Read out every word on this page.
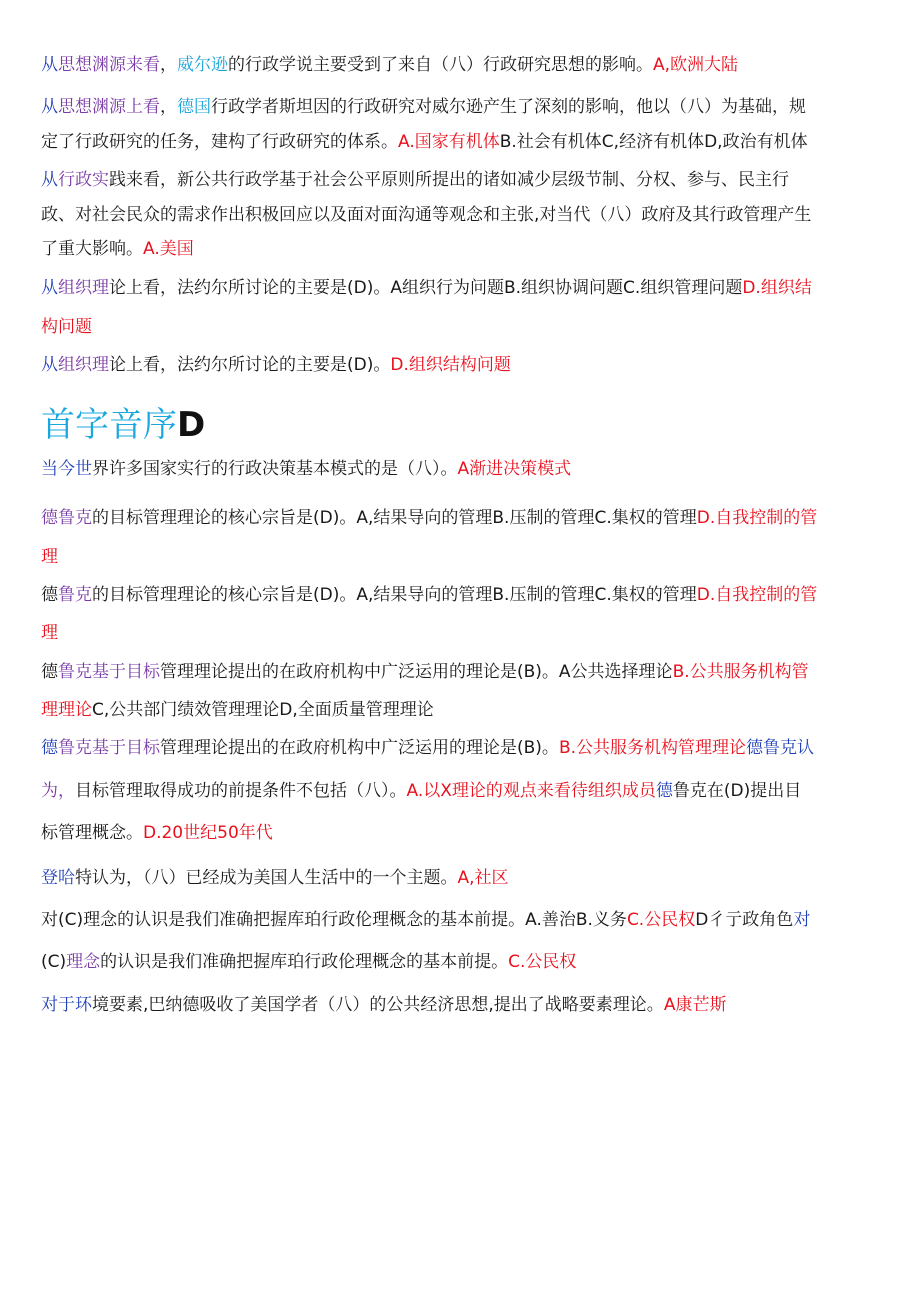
首字音序D
从思想渊源来看，威尔逊的行政学说主要受到了来自（八）行政研究思想的影响。A,欧洲大陆
从思想渊源上看，德国行政学者斯坦因的行政研究对威尔逊产生了深刻的影响，他以（八）为基础，规
定了行政研究的任务，建构了行政研究的体系。A.国家有机体B.社会有机体C,经济有机体D,政治有机体
从行政实践来看，新公共行政学基于社会公平原则所提出的诸如减少层级节制、分权、参与、民主行
政、对社会民众的需求作出积极回应以及面对面沟通等观念和主张,对当代（八）政府及其行政管理产生
了重大影响。A.美国
从组织理论上看，法约尔所讨论的主要是(D)。A组织行为问题B.组织协调问题C.组织管理问题D.组织结
构问题
从组织理论上看，法约尔所讨论的主要是(D)。D.组织结构问题
当今世界许多国家实行的行政决策基本模式的是（八）。A渐进决策模式
德鲁克的目标管理理论的核心宗旨是(D)。A,结果导向的管理B.压制的管理C.集权的管理D.自我控制的管
理
德鲁克的目标管理理论的核心宗旨是(D)。A,结果导向的管理B.压制的管理C.集权的管理D.自我控制的管
理
德鲁克基于目标管理理论提出的在政府机构中广泛运用的理论是(B)。A公共选择理论B.公共服务机构管
理理论C,公共部门绩效管理理论D,全面质量管理理论
德鲁克基于目标管理理论提出的在政府机构中广泛运用的理论是(B)。B.公共服务机构管理理论德鲁克认
为，目标管理取得成功的前提条件不包括（八）。A.以X理论的观点来看待组织成员德鲁克在(D)提出目
标管理概念。D.20世纪50年代
登哈特认为，（八）已经成为美国人生活中的一个主题。A,社区
对(C)理念的认识是我们准确把握库珀行政伦理概念的基本前提。A.善治B.义务C.公民权D彳亍政角色对
(C)理念的认识是我们准确把握库珀行政伦理概念的基本前提。C.公民权
对于环境要素,巴纳德吸收了美国学者（八）的公共经济思想,提出了战略要素理论。A康芒斯
